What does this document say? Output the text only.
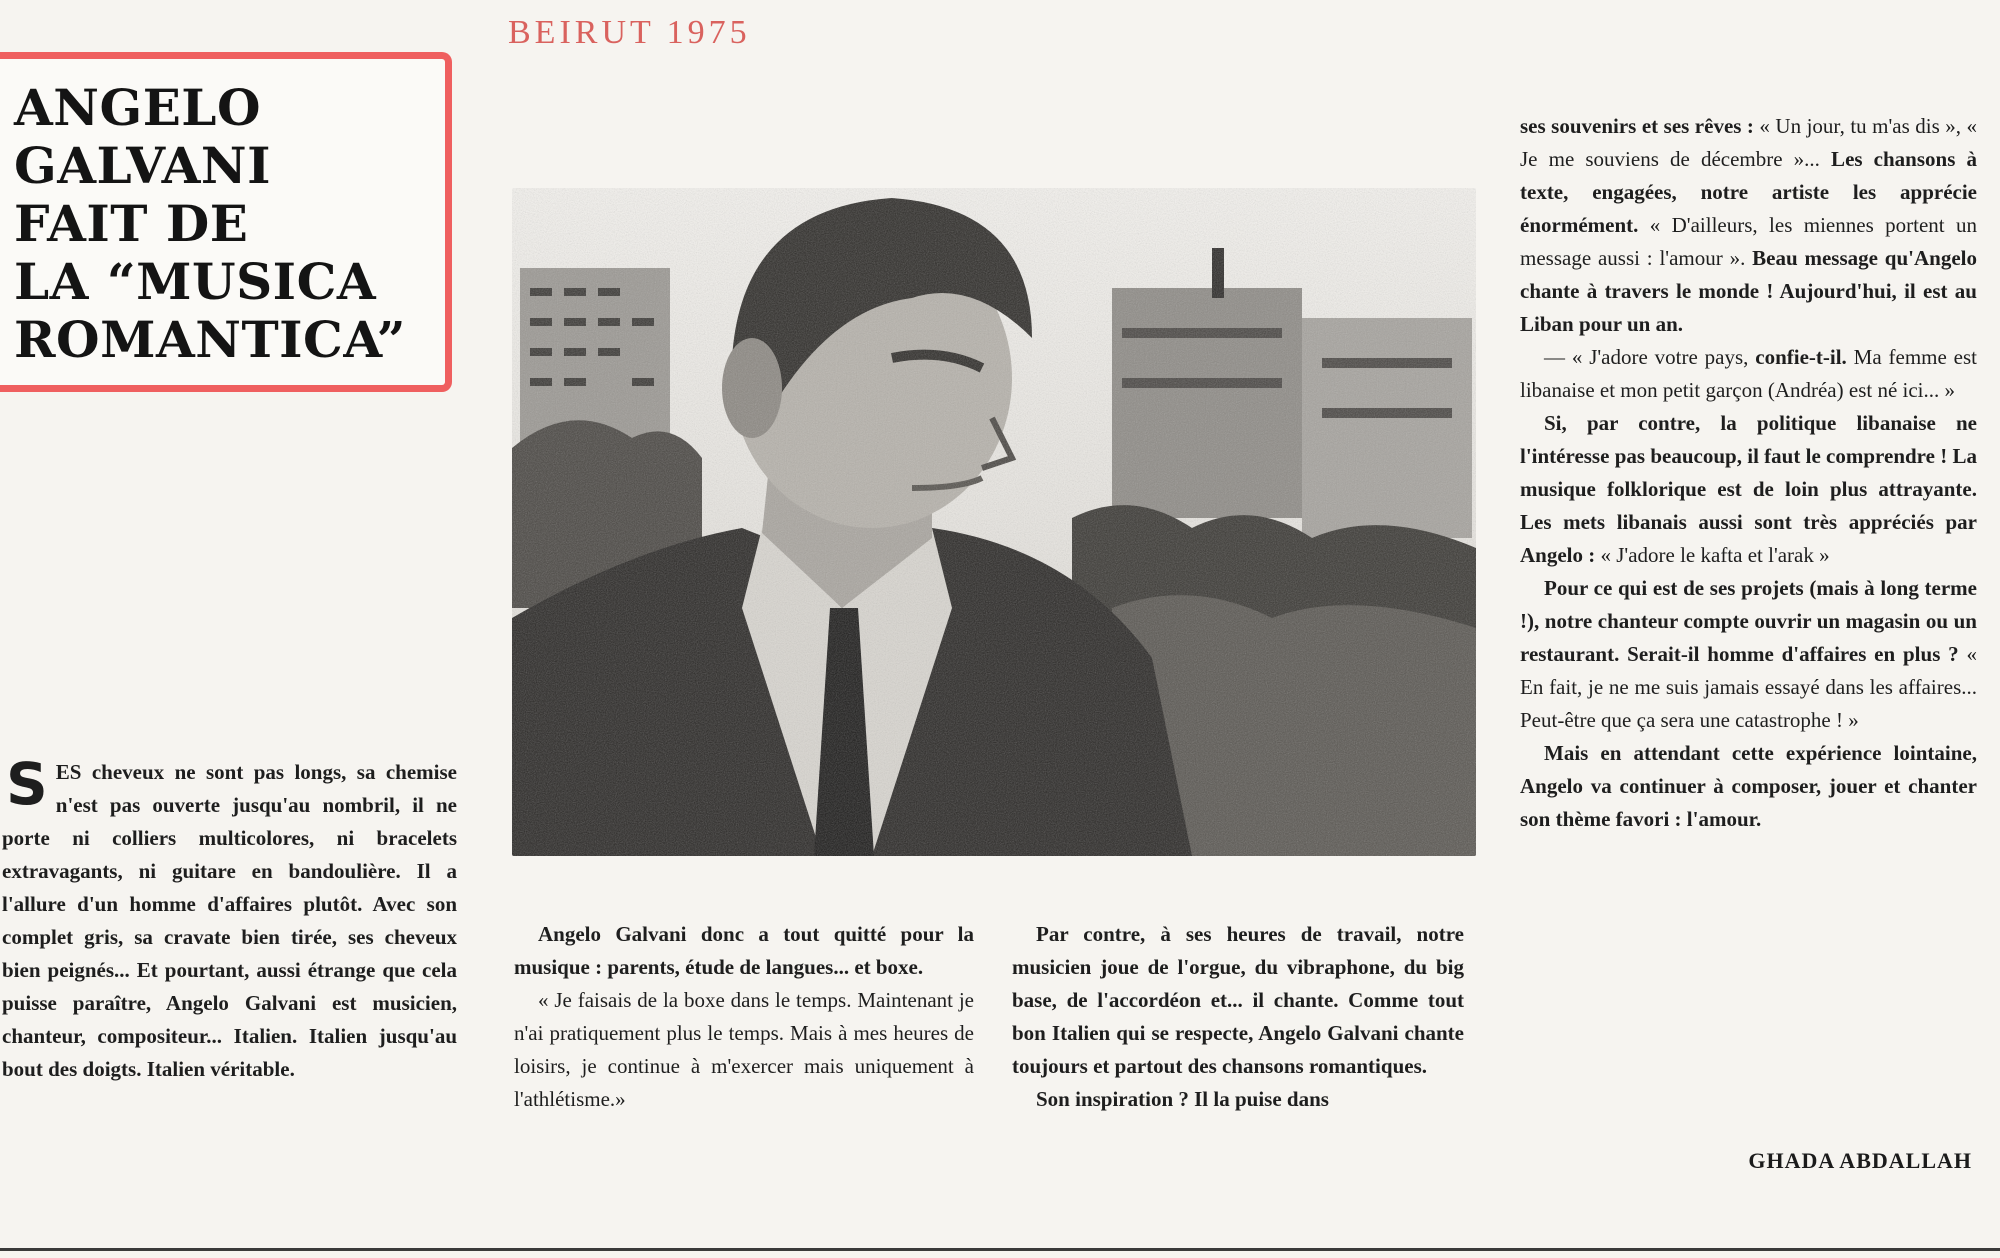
BEIRUT 1975
ANGELO
GALVANI
FAIT DE
LA “MUSICA
ROMANTICA”

SES cheveux ne sont pas longs, sa chemise n'est pas ouverte jusqu'au nombril, il ne porte ni colliers multicolores, ni bracelets extravagants, ni guitare en bandoulière. Il a l'allure d'un homme d'affaires plutôt. Avec son complet gris, sa cravate bien tirée, ses cheveux bien peignés... Et pourtant, aussi étrange que cela puisse paraître, Angelo Galvani est musicien, chanteur, compositeur... Italien. Italien jusqu'au bout des doigts. Italien véritable.

Angelo Galvani donc a tout quitté pour la musique : parents, étude de langues... et boxe.

« Je faisais de la boxe dans le temps. Maintenant je n'ai pratiquement plus le temps. Mais à mes heures de loisirs, je continue à m'exercer mais uniquement à l'athlétisme.»

Par contre, à ses heures de travail, notre musicien joue de l'orgue, du vibraphone, du big base, de l'accordéon et... il chante. Comme tout bon Italien qui se respecte, Angelo Galvani chante toujours et partout des chansons romantiques.

Son inspiration ? Il la puise dans

ses souvenirs et ses rêves : « Un jour, tu m'as dis », « Je me souviens de décembre »... Les chansons à texte, engagées, notre artiste les apprécie énormément. « D'ailleurs, les miennes portent un message aussi : l'amour ». Beau message qu'Angelo chante à travers le monde ! Aujourd'hui, il est au Liban pour un an.

— « J'adore votre pays, confie-t-il. Ma femme est libanaise et mon petit garçon (Andréa) est né ici... »

Si, par contre, la politique libanaise ne l'intéresse pas beaucoup, il faut le comprendre ! La musique folklorique est de loin plus attrayante. Les mets libanais aussi sont très appréciés par Angelo : « J'adore le kafta et l'arak »

Pour ce qui est de ses projets (mais à long terme !), notre chanteur compte ouvrir un magasin ou un restaurant. Serait-il homme d'affaires en plus ? « En fait, je ne me suis jamais essayé dans les affaires... Peut-être que ça sera une catastrophe ! »

Mais en attendant cette expérience lointaine, Angelo va continuer à composer, jouer et chanter son thème favori : l'amour.

GHADA ABDALLAH
